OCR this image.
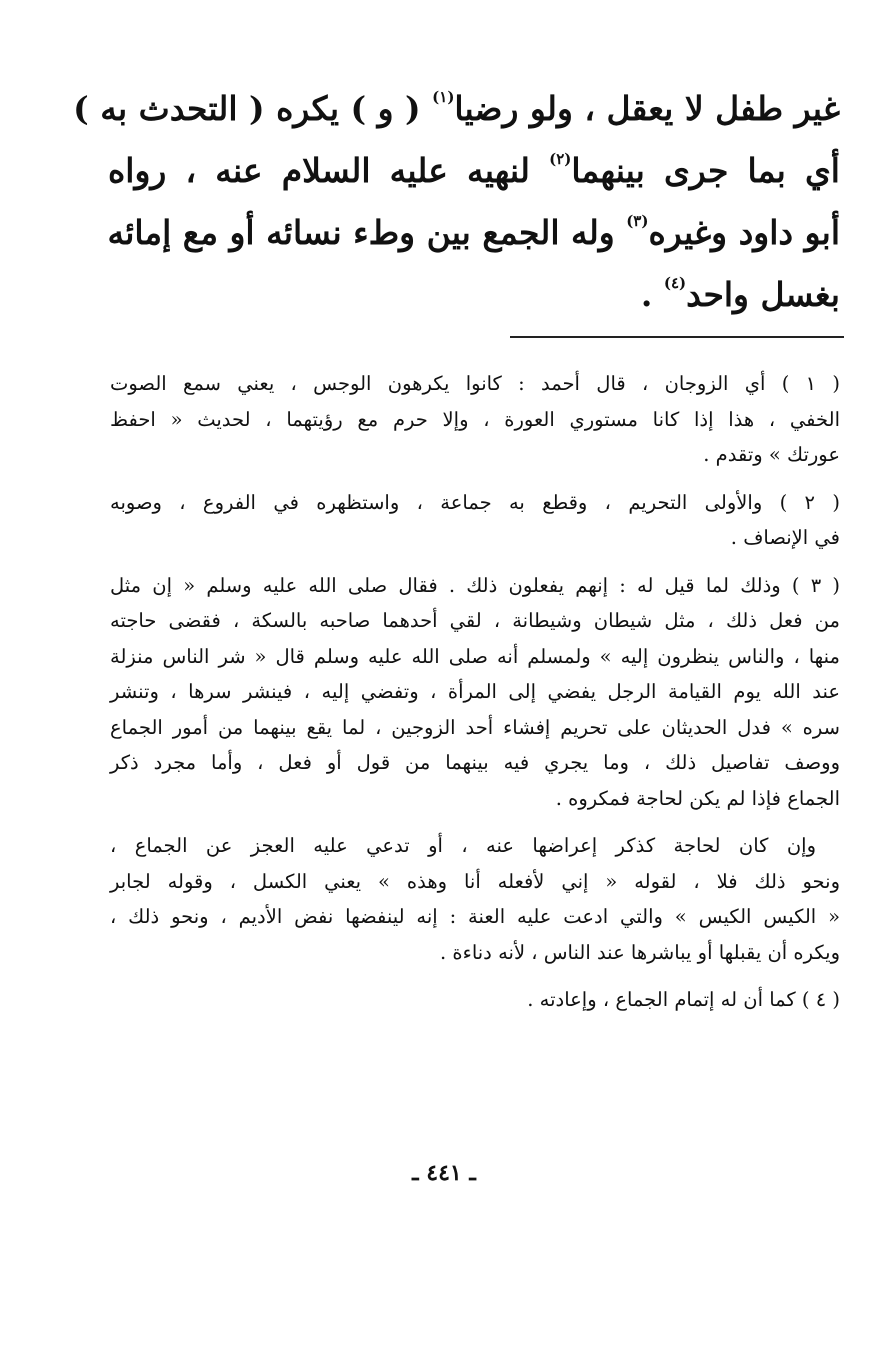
غير طفل لا يعقل ، ولو رضيا$^{(١)}$ ( و ) يكره ( التحدث به )
أي بما جرى بينهما$^{(٢)}$ لنهيه عليه السلام عنه ، رواه
أبو داود وغيره$^{(٣)}$ وله الجمع بين وطء نسائه أو مع إمائه
بغسل واحد$^{(٤)}$ .
( ١ ) أي الزوجان ، قال أحمد : كانوا يكرهون الوجس ، يعني سمع الصوت
الخفي ، هذا إذا كانا مستوري العورة ، وإلا حرم مع رؤيتهما ، لحديث « احفظ
عورتك » وتقدم .
( ٢ ) والأولى التحريم ، وقطع به جماعة ، واستظهره في الفروع ، وصوبه
في الإنصاف .
( ٣ ) وذلك لما قيل له : إنهم يفعلون ذلك . فقال صلى الله عليه وسلم « إن مثل
من فعل ذلك ، مثل شيطان وشيطانة ، لقي أحدهما صاحبه بالسكة ، فقضى حاجته
منها ، والناس ينظرون إليه » ولمسلم أنه صلى الله عليه وسلم قال « شر الناس منزلة
عند الله يوم القيامة الرجل يفضي إلى المرأة ، وتفضي إليه ، فينشر سرها ، وتنشر
سره » فدل الحديثان على تحريم إفشاء أحد الزوجين ، لما يقع بينهما من أمور الجماع
ووصف تفاصيل ذلك ، وما يجري فيه بينهما من قول أو فعل ، وأما مجرد ذكر
الجماع فإذا لم يكن لحاجة فمكروه .
وإن كان لحاجة كذكر إعراضها عنه ، أو تدعي عليه العجز عن الجماع ،
ونحو ذلك فلا ، لقوله « إني لأفعله أنا وهذه » يعني الكسل ، وقوله لجابر
« الكيس الكيس » والتي ادعت عليه العنة : إنه لينفضها نفض الأديم ، ونحو ذلك ،
ويكره أن يقبلها أو يباشرها عند الناس ، لأنه دناءة .
( ٤ ) كما أن له إتمام الجماع ، وإعادته .
ـ ٤٤١ ـ
